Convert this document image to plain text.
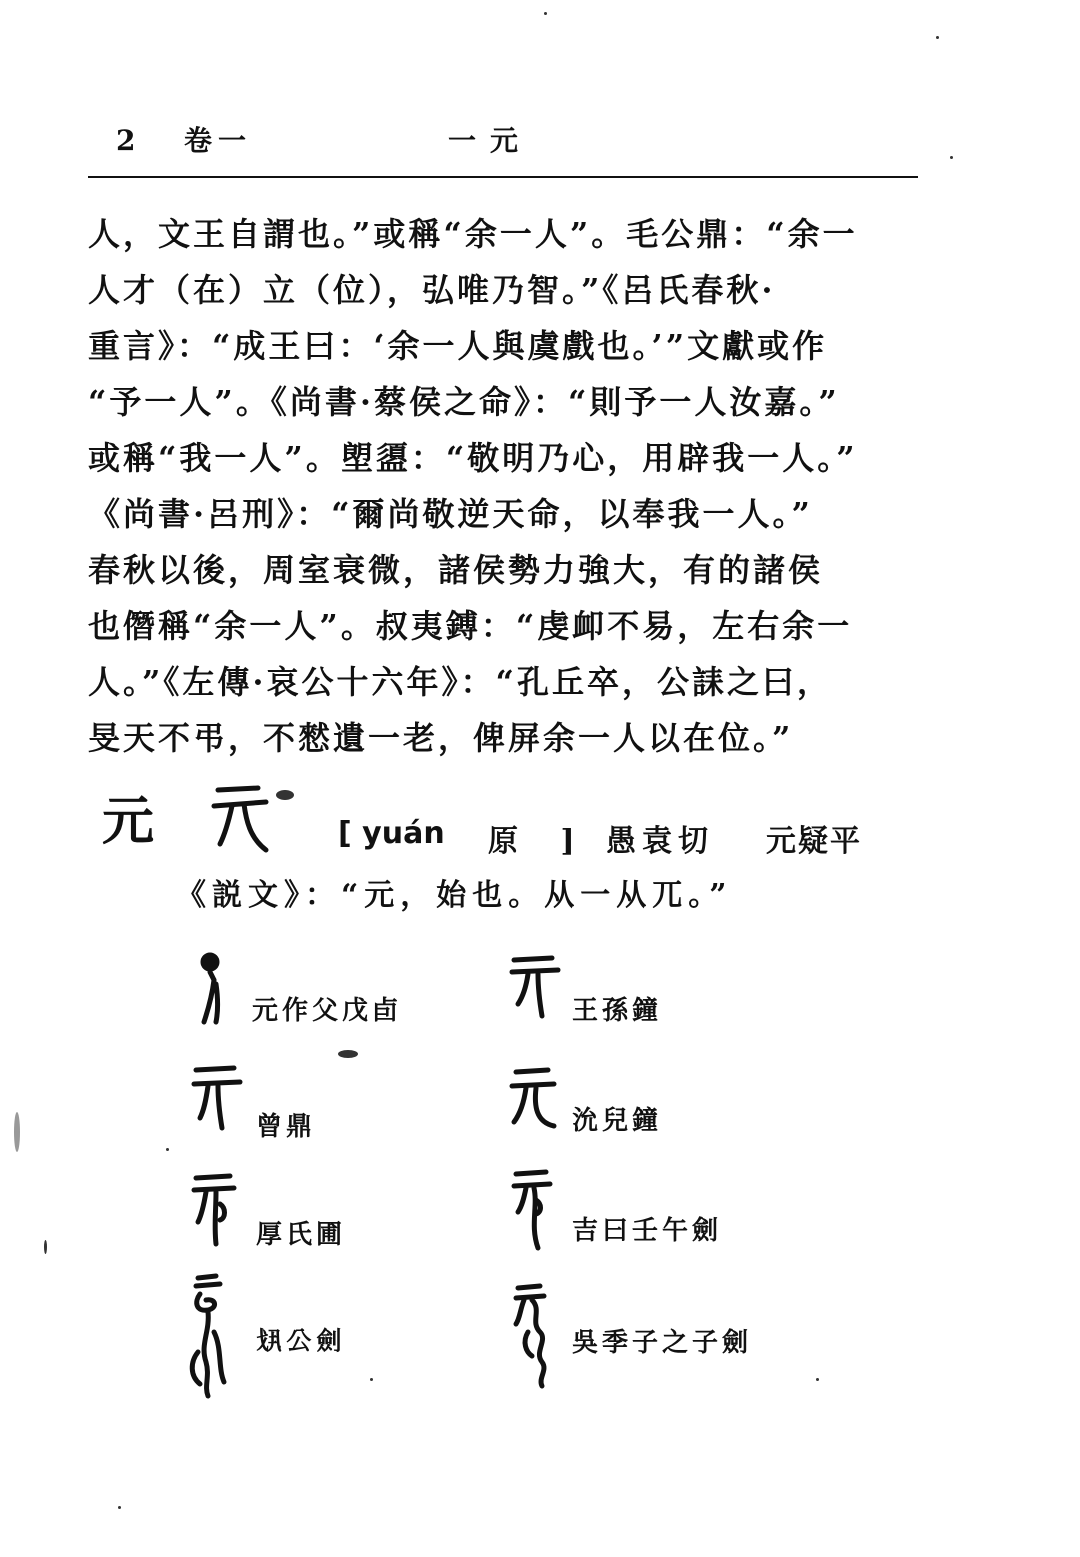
2 卷一	一元
人，文王自謂也。”或稱“余一人”。毛公鼎：“余一
人才（在）立（位），弘唯乃智。”《呂氏春秋·
重言》：“成王曰：‘余一人與虞戲也。’”文獻或作
“予一人”。《尚書·蔡侯之命》：“則予一人汝嘉。”
或稱“我一人”。塱盨：“敬明乃心，用辟我一人。”
《尚書·呂刑》：“爾尚敬逆天命，以奉我一人。”
春秋以後，周室衰微，諸侯勢力強大，有的諸侯
也僭稱“余一人”。叔夷鎛：“虔卹不易，左右余一
人。”《左傳·哀公十六年》：“孔丘卒，公誄之曰，
旻天不弔，不憖遺一老，俾屏余一人以在位。”
元	[ yuán 原 ] 愚袁切 元疑平
《説文》：“元，始也。从一从兀。”
元作父戊卣	王孫鐘
曾鼎	沇兒鐘
厚氏圃	吉曰壬午劍
𢦚公劍	吳季子之子劍
